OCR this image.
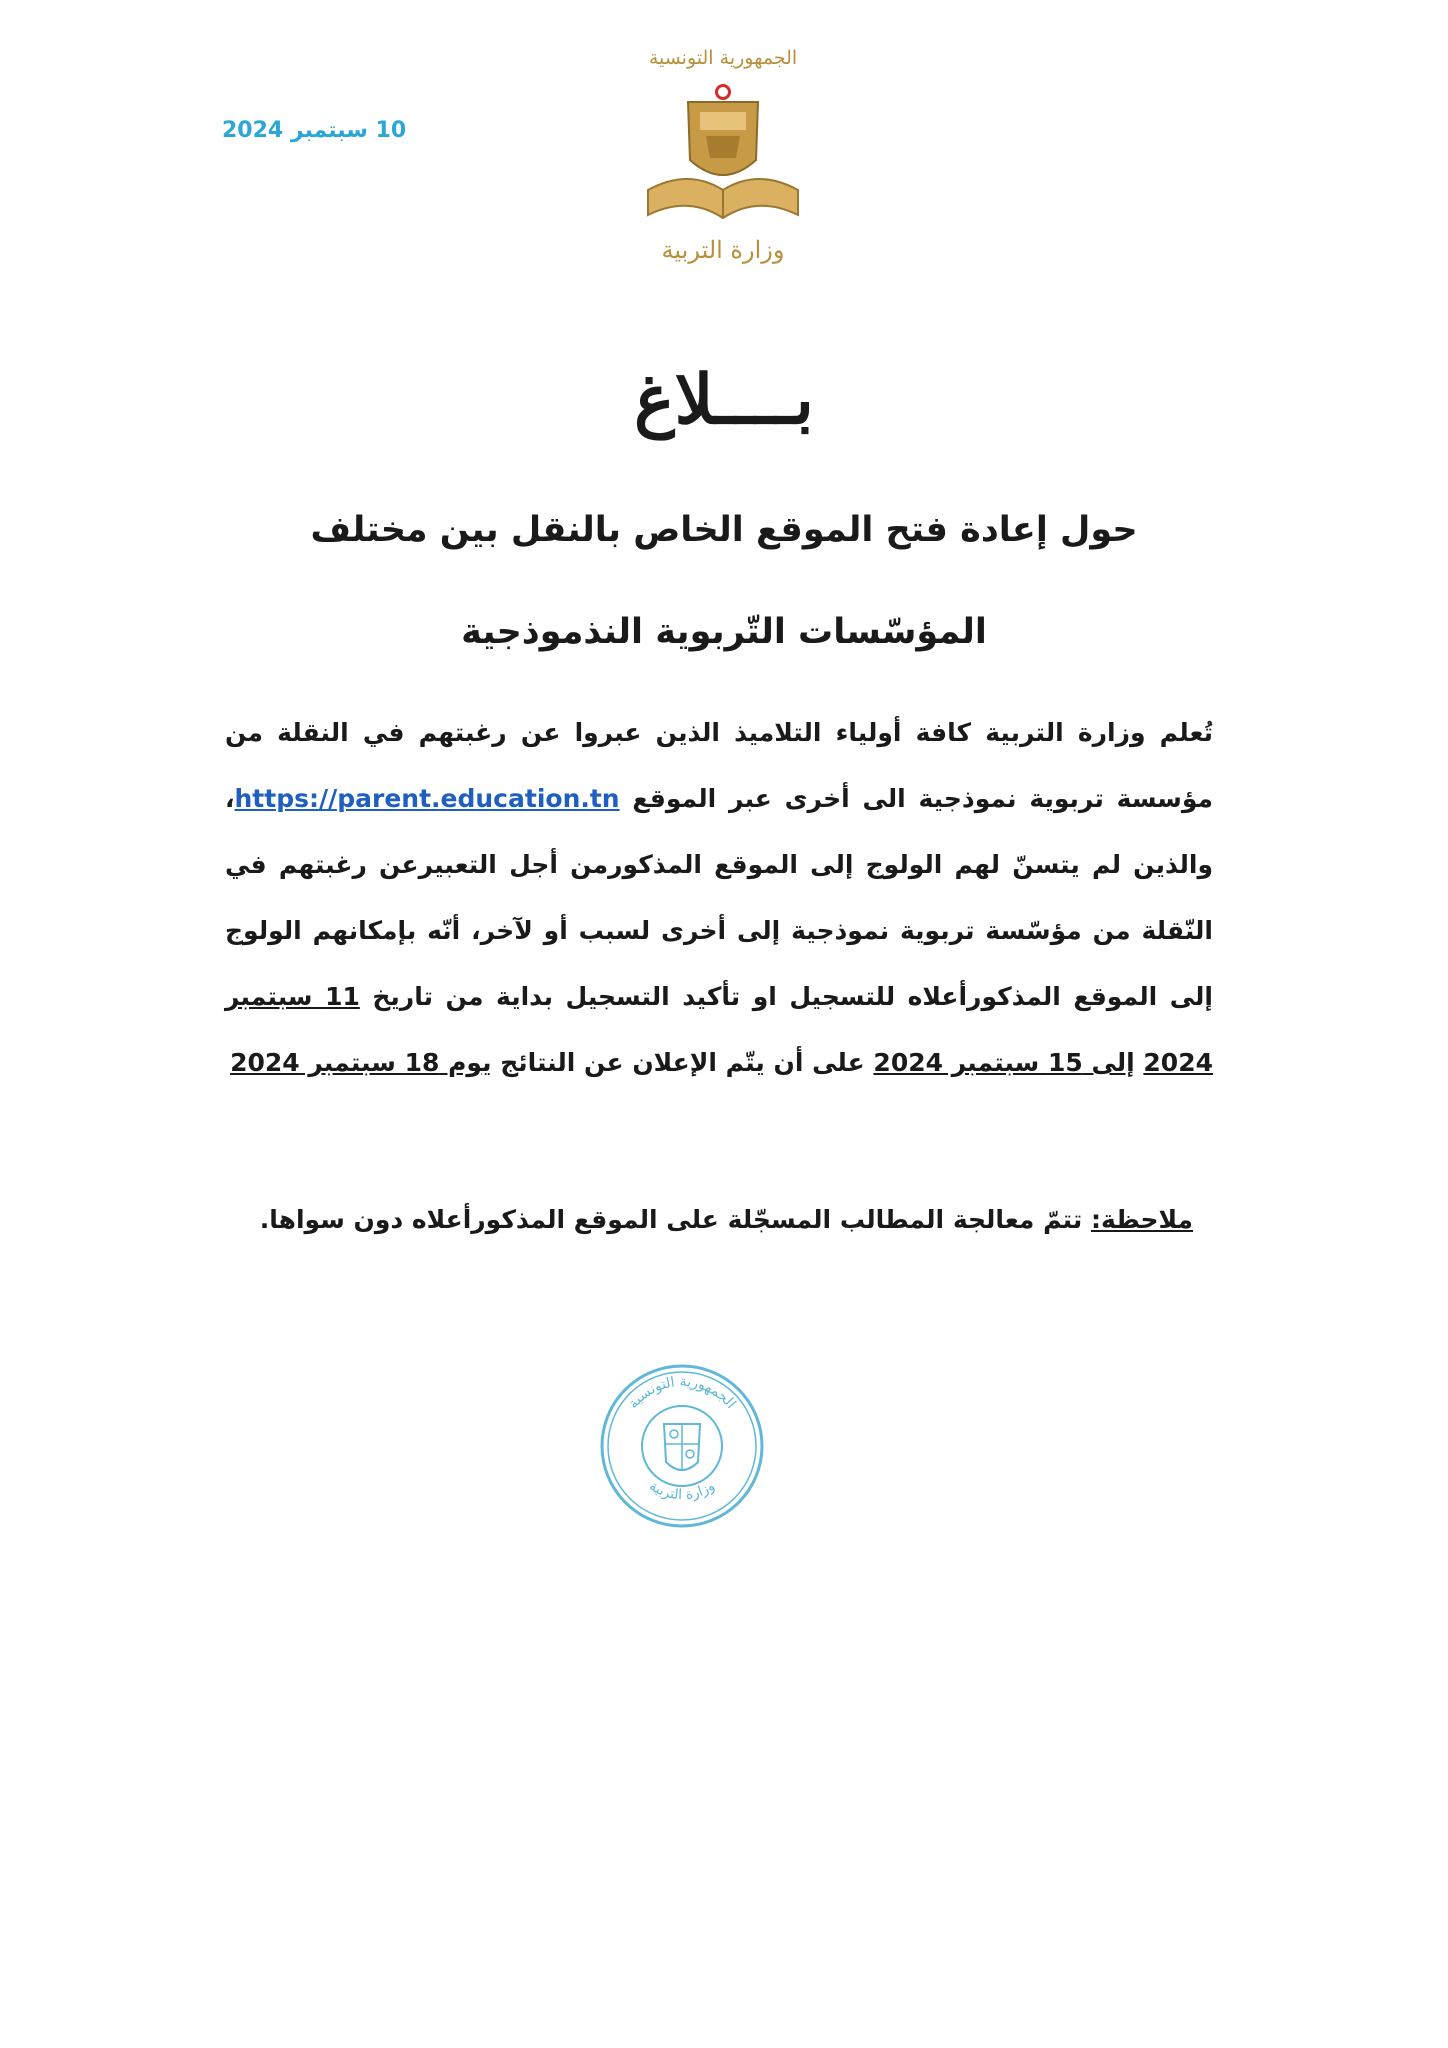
10 سبتمبر 2024
الجمهورية التونسية
وزارة التربية
بــــلاغ
حول إعادة فتح الموقع الخاص بالنقل بين مختلف
المؤسّسات التّربوية النذموذجية
تُعلم وزارة التربية كافة أولياء التلاميذ الذين عبروا عن رغبتهم في النقلة من مؤسسة تربوية نموذجية الى أخرى عبر الموقع https://parent.education.tn، والذين لم يتسنّ لهم الولوج إلى الموقع المذكورمن أجل التعبيرعن رغبتهم في النّقلة من مؤسّسة تربوية نموذجية إلى أخرى لسبب أو لآخر، أنّه بإمكانهم الولوج إلى الموقع المذكورأعلاه للتسجيل او تأكيد التسجيل بداية من تاريخ 11 سبتمبر 2024 إلى 15 سبتمبر 2024 على أن يتّم الإعلان عن النتائج يوم 18 سبتمبر 2024
ملاحظة: تتمّ معالجة المطالب المسجّلة على الموقع المذكورأعلاه دون سواها.
الجمهورية التونسية
وزارة التربية
